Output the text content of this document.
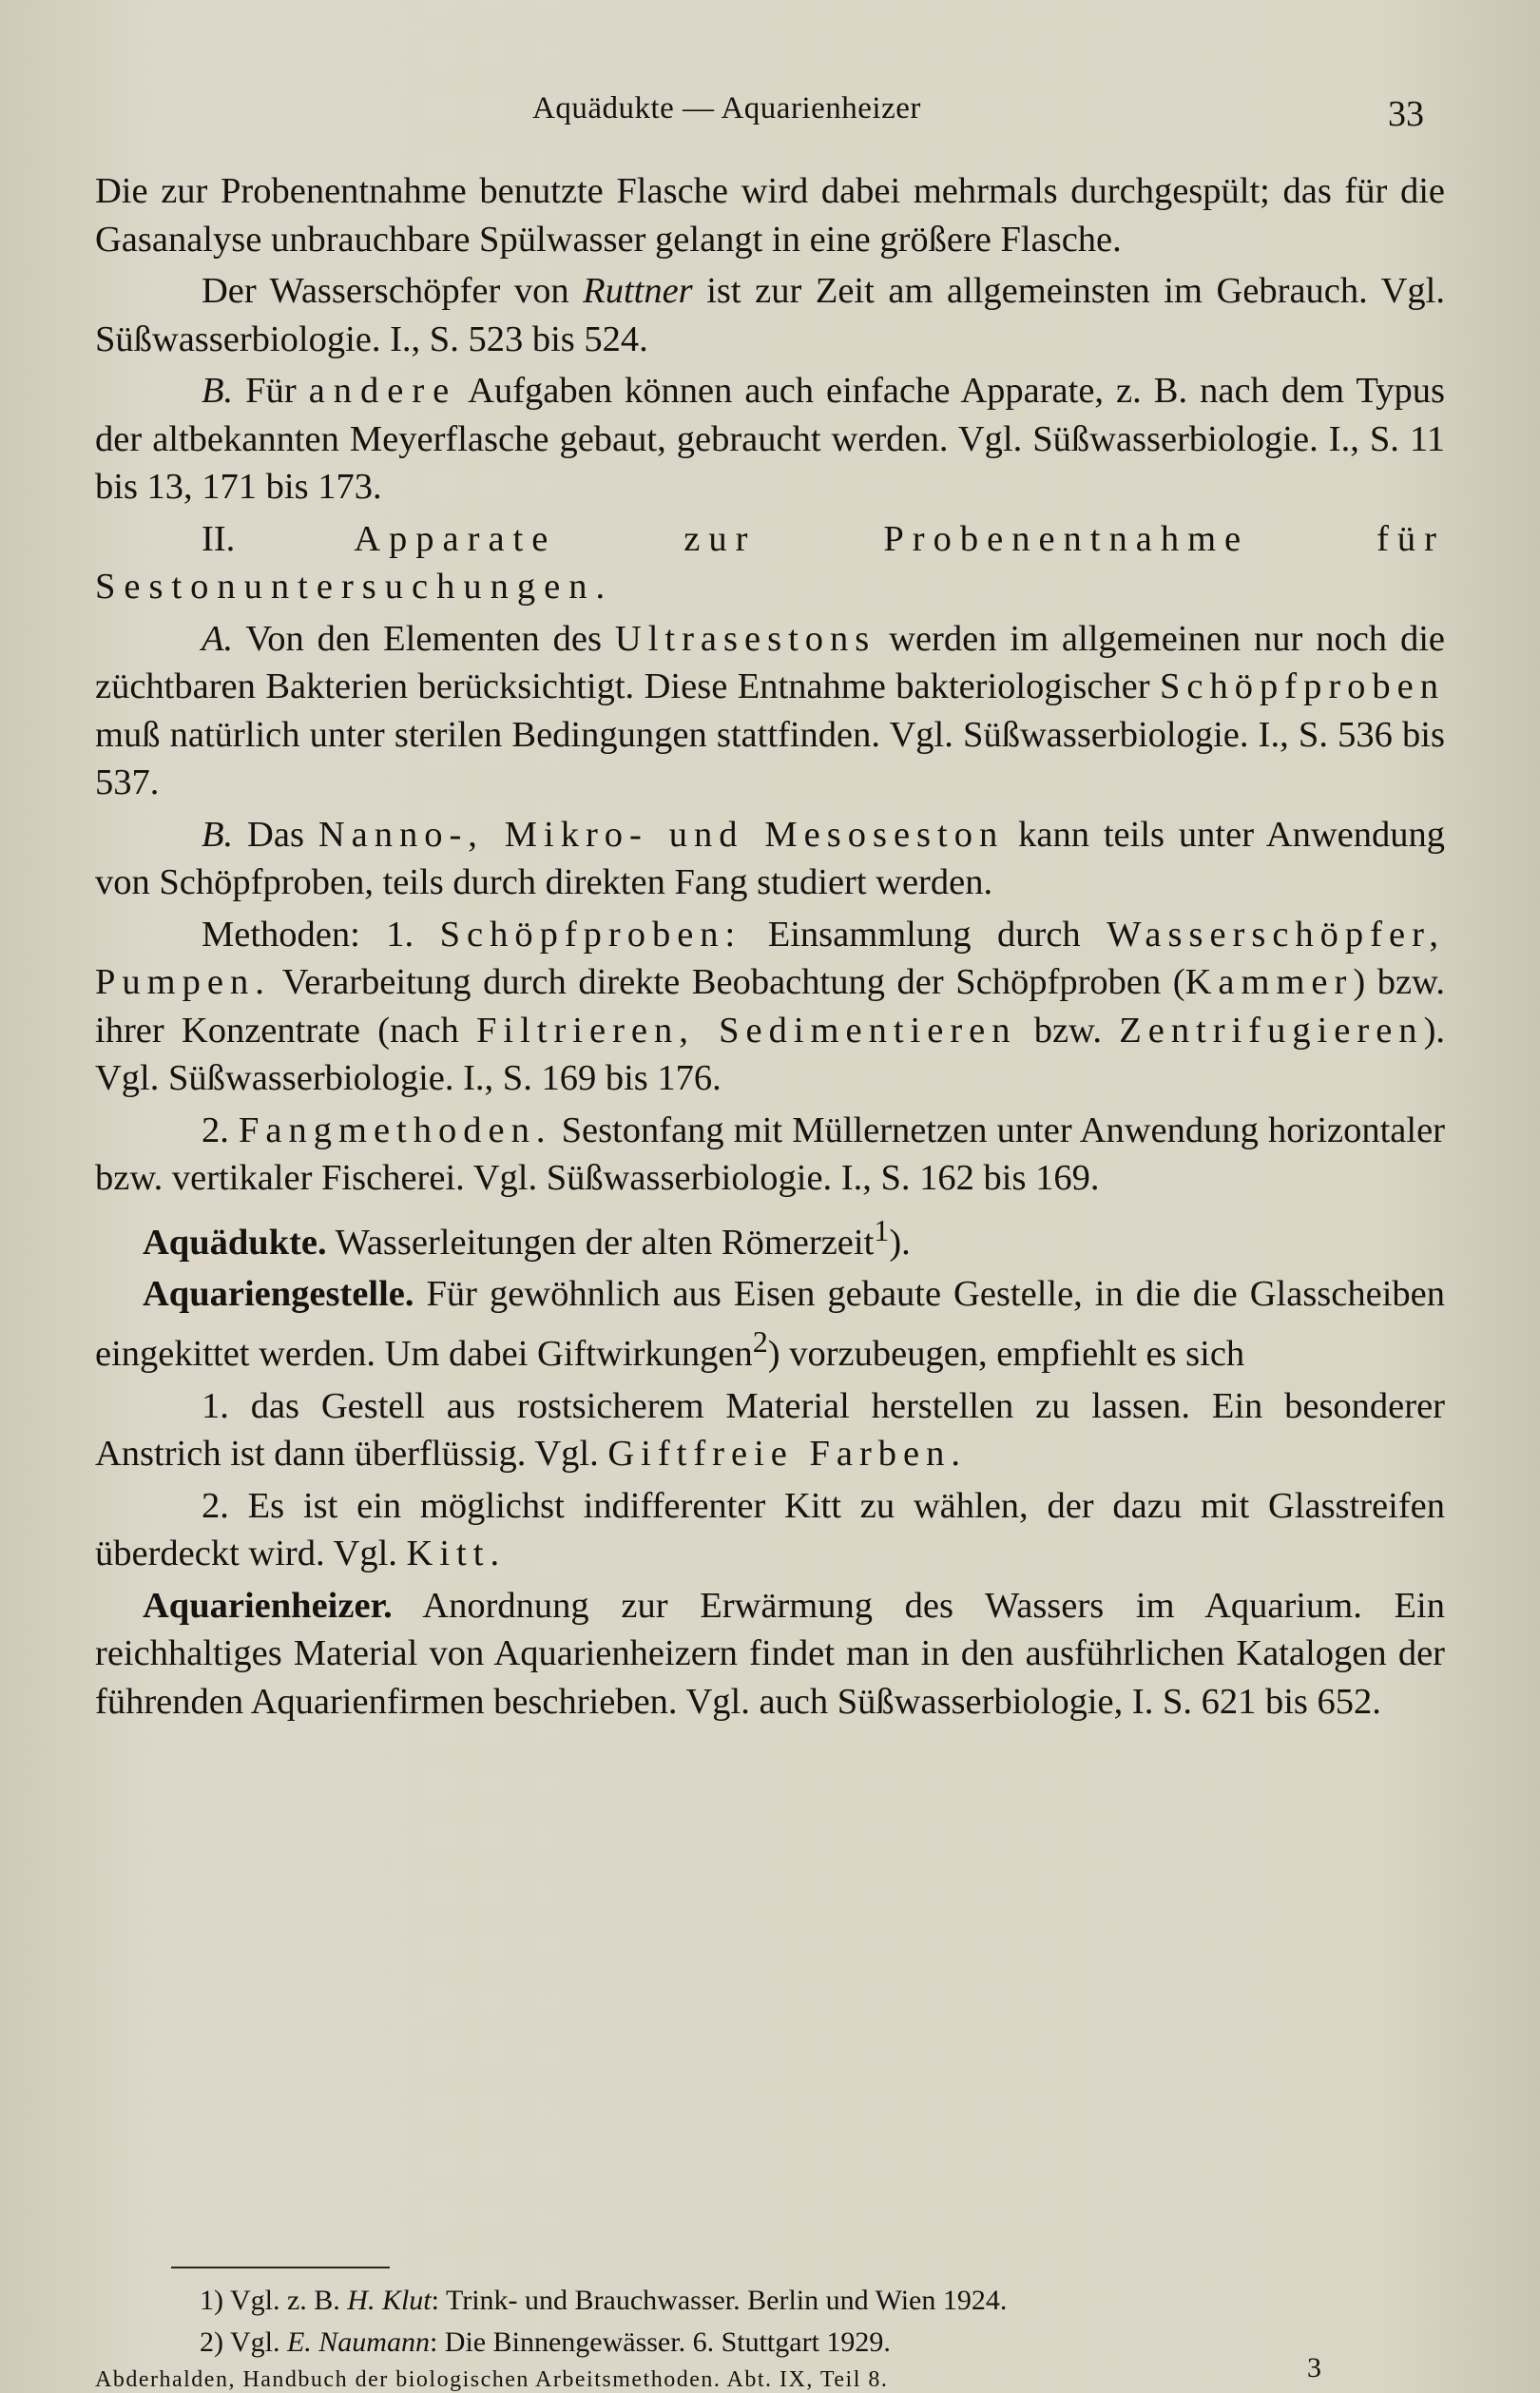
Aquädukte — Aquarienheizer	33

Die zur Probenentnahme benutzte Flasche wird dabei mehrmals durchgespült; das für die Gasanalyse unbrauchbare Spülwasser gelangt in eine größere Flasche.

Der Wasserschöpfer von Ruttner ist zur Zeit am allgemeinsten im Gebrauch. Vgl. Süßwasserbiologie. I., S. 523 bis 524.

B. Für andere Aufgaben können auch einfache Apparate, z. B. nach dem Typus der altbekannten Meyerflasche gebaut, gebraucht werden. Vgl. Süßwasserbiologie. I., S. 11 bis 13, 171 bis 173.

II. Apparate zur Probenentnahme für Sestonuntersuchungen.

A. Von den Elementen des Ultrasestons werden im allgemeinen nur noch die züchtbaren Bakterien berücksichtigt. Diese Entnahme bakteriologischer Schöpfproben muß natürlich unter sterilen Bedingungen stattfinden. Vgl. Süßwasserbiologie. I., S. 536 bis 537.

B. Das Nanno-, Mikro- und Mesoseston kann teils unter Anwendung von Schöpfproben, teils durch direkten Fang studiert werden.

Methoden: 1. Schöpfproben: Einsammlung durch Wasserschöpfer, Pumpen. Verarbeitung durch direkte Beobachtung der Schöpfproben (Kammer) bzw. ihrer Konzentrate (nach Filtrieren, Sedimentieren bzw. Zentrifugieren). Vgl. Süßwasserbiologie. I., S. 169 bis 176.

2. Fangmethoden. Sestonfang mit Müllernetzen unter Anwendung horizontaler bzw. vertikaler Fischerei. Vgl. Süßwasserbiologie. I., S. 162 bis 169.

Aquädukte. Wasserleitungen der alten Römerzeit$^1$).

Aquariengestelle. Für gewöhnlich aus Eisen gebaute Gestelle, in die die Glasscheiben eingekittet werden. Um dabei Giftwirkungen$^2$) vorzubeugen, empfiehlt es sich

1. das Gestell aus rostsicherem Material herstellen zu lassen. Ein besonderer Anstrich ist dann überflüssig. Vgl. Giftfreie Farben.

2. Es ist ein möglichst indifferenter Kitt zu wählen, der dazu mit Glasstreifen überdeckt wird. Vgl. Kitt.

Aquarienheizer. Anordnung zur Erwärmung des Wassers im Aquarium. Ein reichhaltiges Material von Aquarienheizern findet man in den ausführlichen Katalogen der führenden Aquarienfirmen beschrieben. Vgl. auch Süßwasserbiologie, I. S. 621 bis 652.

1) Vgl. z. B. H. Klut: Trink- und Brauchwasser. Berlin und Wien 1924.
2) Vgl. E. Naumann: Die Binnengewässer. 6. Stuttgart 1929.
Abderhalden, Handbuch der biologischen Arbeitsmethoden. Abt. IX, Teil 8.	3
